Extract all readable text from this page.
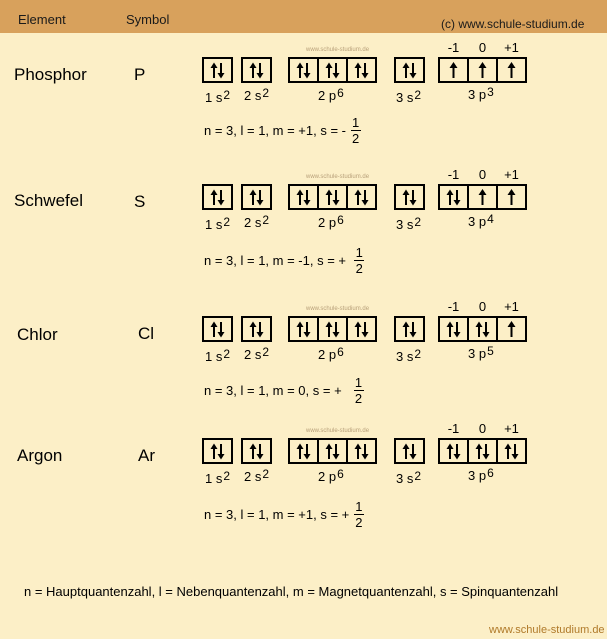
Element	Symbol	(c) www.schule-studium.de
Phosphor	P
-1	0	+1
www.schule-studium.de
1 $s^2$ 2 $s^2$	2 $p^6$	3 $s^2$	3 $p^3$
n = 3, l = 1, m = +1, s = -
1
2
Schwefel	S
-1	0	+1
www.schule-studium.de
1 $s^2$ 2 $s^2$	2 $p^6$	3 $s^2$	3 $p^4$
n = 3, l = 1, m = -1, s = +
1
2
Chlor	Cl
-1	0	+1
www.schule-studium.de
1 $s^2$ 2 $s^2$	2 $p^6$	3 $s^2$	3 $p^5$
n = 3, l = 1, m = 0, s = +
1
2
Argon	Ar
-1	0	+1
www.schule-studium.de
1 $s^2$ 2 $s^2$	2 $p^6$	3 $s^2$	3 $p^6$
n = 3, l = 1, m = +1, s = +
1
2
n = Hauptquantenzahl, l = Nebenquantenzahl, m = Magnetquantenzahl, s = Spinquantenzahl
www.schule-studium.de
